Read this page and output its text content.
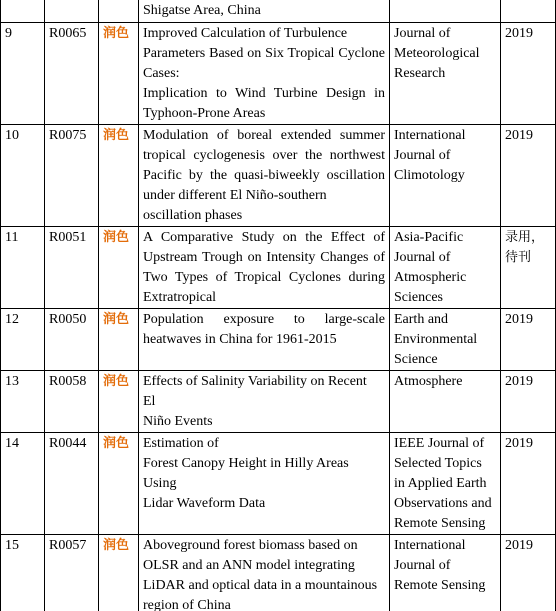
			Shigatse Area, China		
9	R0065	润色	Improved Calculation of Turbulence
Parameters Based on Six Tropical Cyclone
Cases:
Implication to Wind Turbine Design in
Typhoon-Prone Areas	Journal of
Meteorological
Research	2019
10	R0075	润色	Modulation of boreal extended summer
tropical cyclogenesis over the northwest
Pacific by the quasi-biweekly oscillation
under different El Niño-southern
oscillation phases	International
Journal of
Climotology	2019
11	R0051	润色	A Comparative Study on the Effect of
Upstream Trough on Intensity Changes of
Two Types of Tropical Cyclones during
Extratropical	Asia-Pacific
Journal of
Atmospheric
Sciences	录用，
待刊

12	R0050	润色	Population exposure to large-scale
heatwaves in China for 1961-2015	Earth and
Environmental
Science	2019
13	R0058	润色	Effects of Salinity Variability on Recent
El
Niño Events	Atmosphere	2019
14	R0044	润色	Estimation of
Forest Canopy Height in Hilly Areas
Using
Lidar Waveform Data	IEEE Journal of
Selected Topics
in Applied Earth
Observations and
Remote Sensing	2019
15	R0057	润色	Aboveground forest biomass based on
OLSR and an ANN model integrating
LiDAR and optical data in a mountainous
region of China	International
Journal of
Remote Sensing	2019
